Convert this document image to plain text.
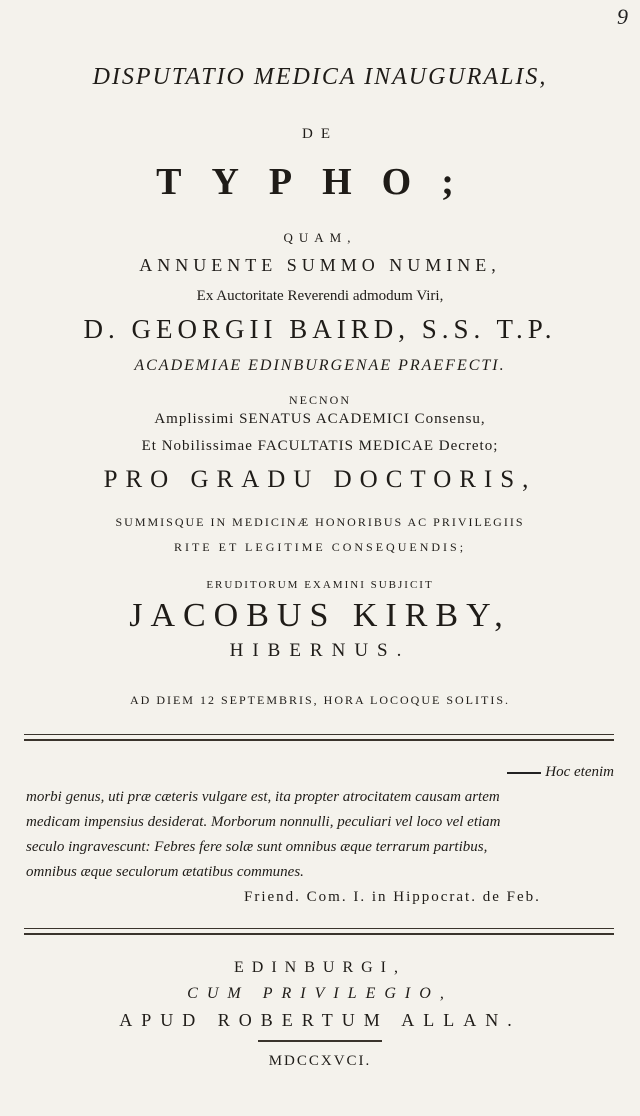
9
DISPUTATIO MEDICA INAUGURALIS,
DE
TYPHO;
QUAM,
ANNUENTE SUMMO NUMINE,
Ex Auctoritate Reverendi admodum Viri,
D. GEORGII BAIRD, S.S. T.P.
ACADEMIAE EDINBURGENAE PRAEFECTI.
NECNON
Amplissimi SENATUS ACADEMICI Consensu,
Et Nobilissimae FACULTATIS MEDICAE Decreto;
PRO GRADU DOCTORIS,
SUMMISQUE IN MEDICINÆ HONORIBUS AC PRIVILEGIIS
RITE ET LEGITIME CONSEQUENDIS;
ERUDITORUM EXAMINI SUBJICIT
JACOBUS KIRBY,
HIBERNUS.
AD DIEM 12 SEPTEMBRIS, HORA LOCOQUE SOLITIS.
Hoc etenim
morbi genus, uti præ cæteris vulgare est, ita propter atrocitatem causam artem
medicam impensius desiderat. Morborum nonnulli, peculiari vel loco vel etiam
seculo ingravescunt: Febres fere solæ sunt omnibus æque terrarum partibus,
omnibus æque seculorum ætatibus communes.
Friend. Com. I. in Hippocrat. de Feb.
EDINBURGI,
CUM PRIVILEGIO,
APUD ROBERTUM ALLAN.
MDCCXVCI.
